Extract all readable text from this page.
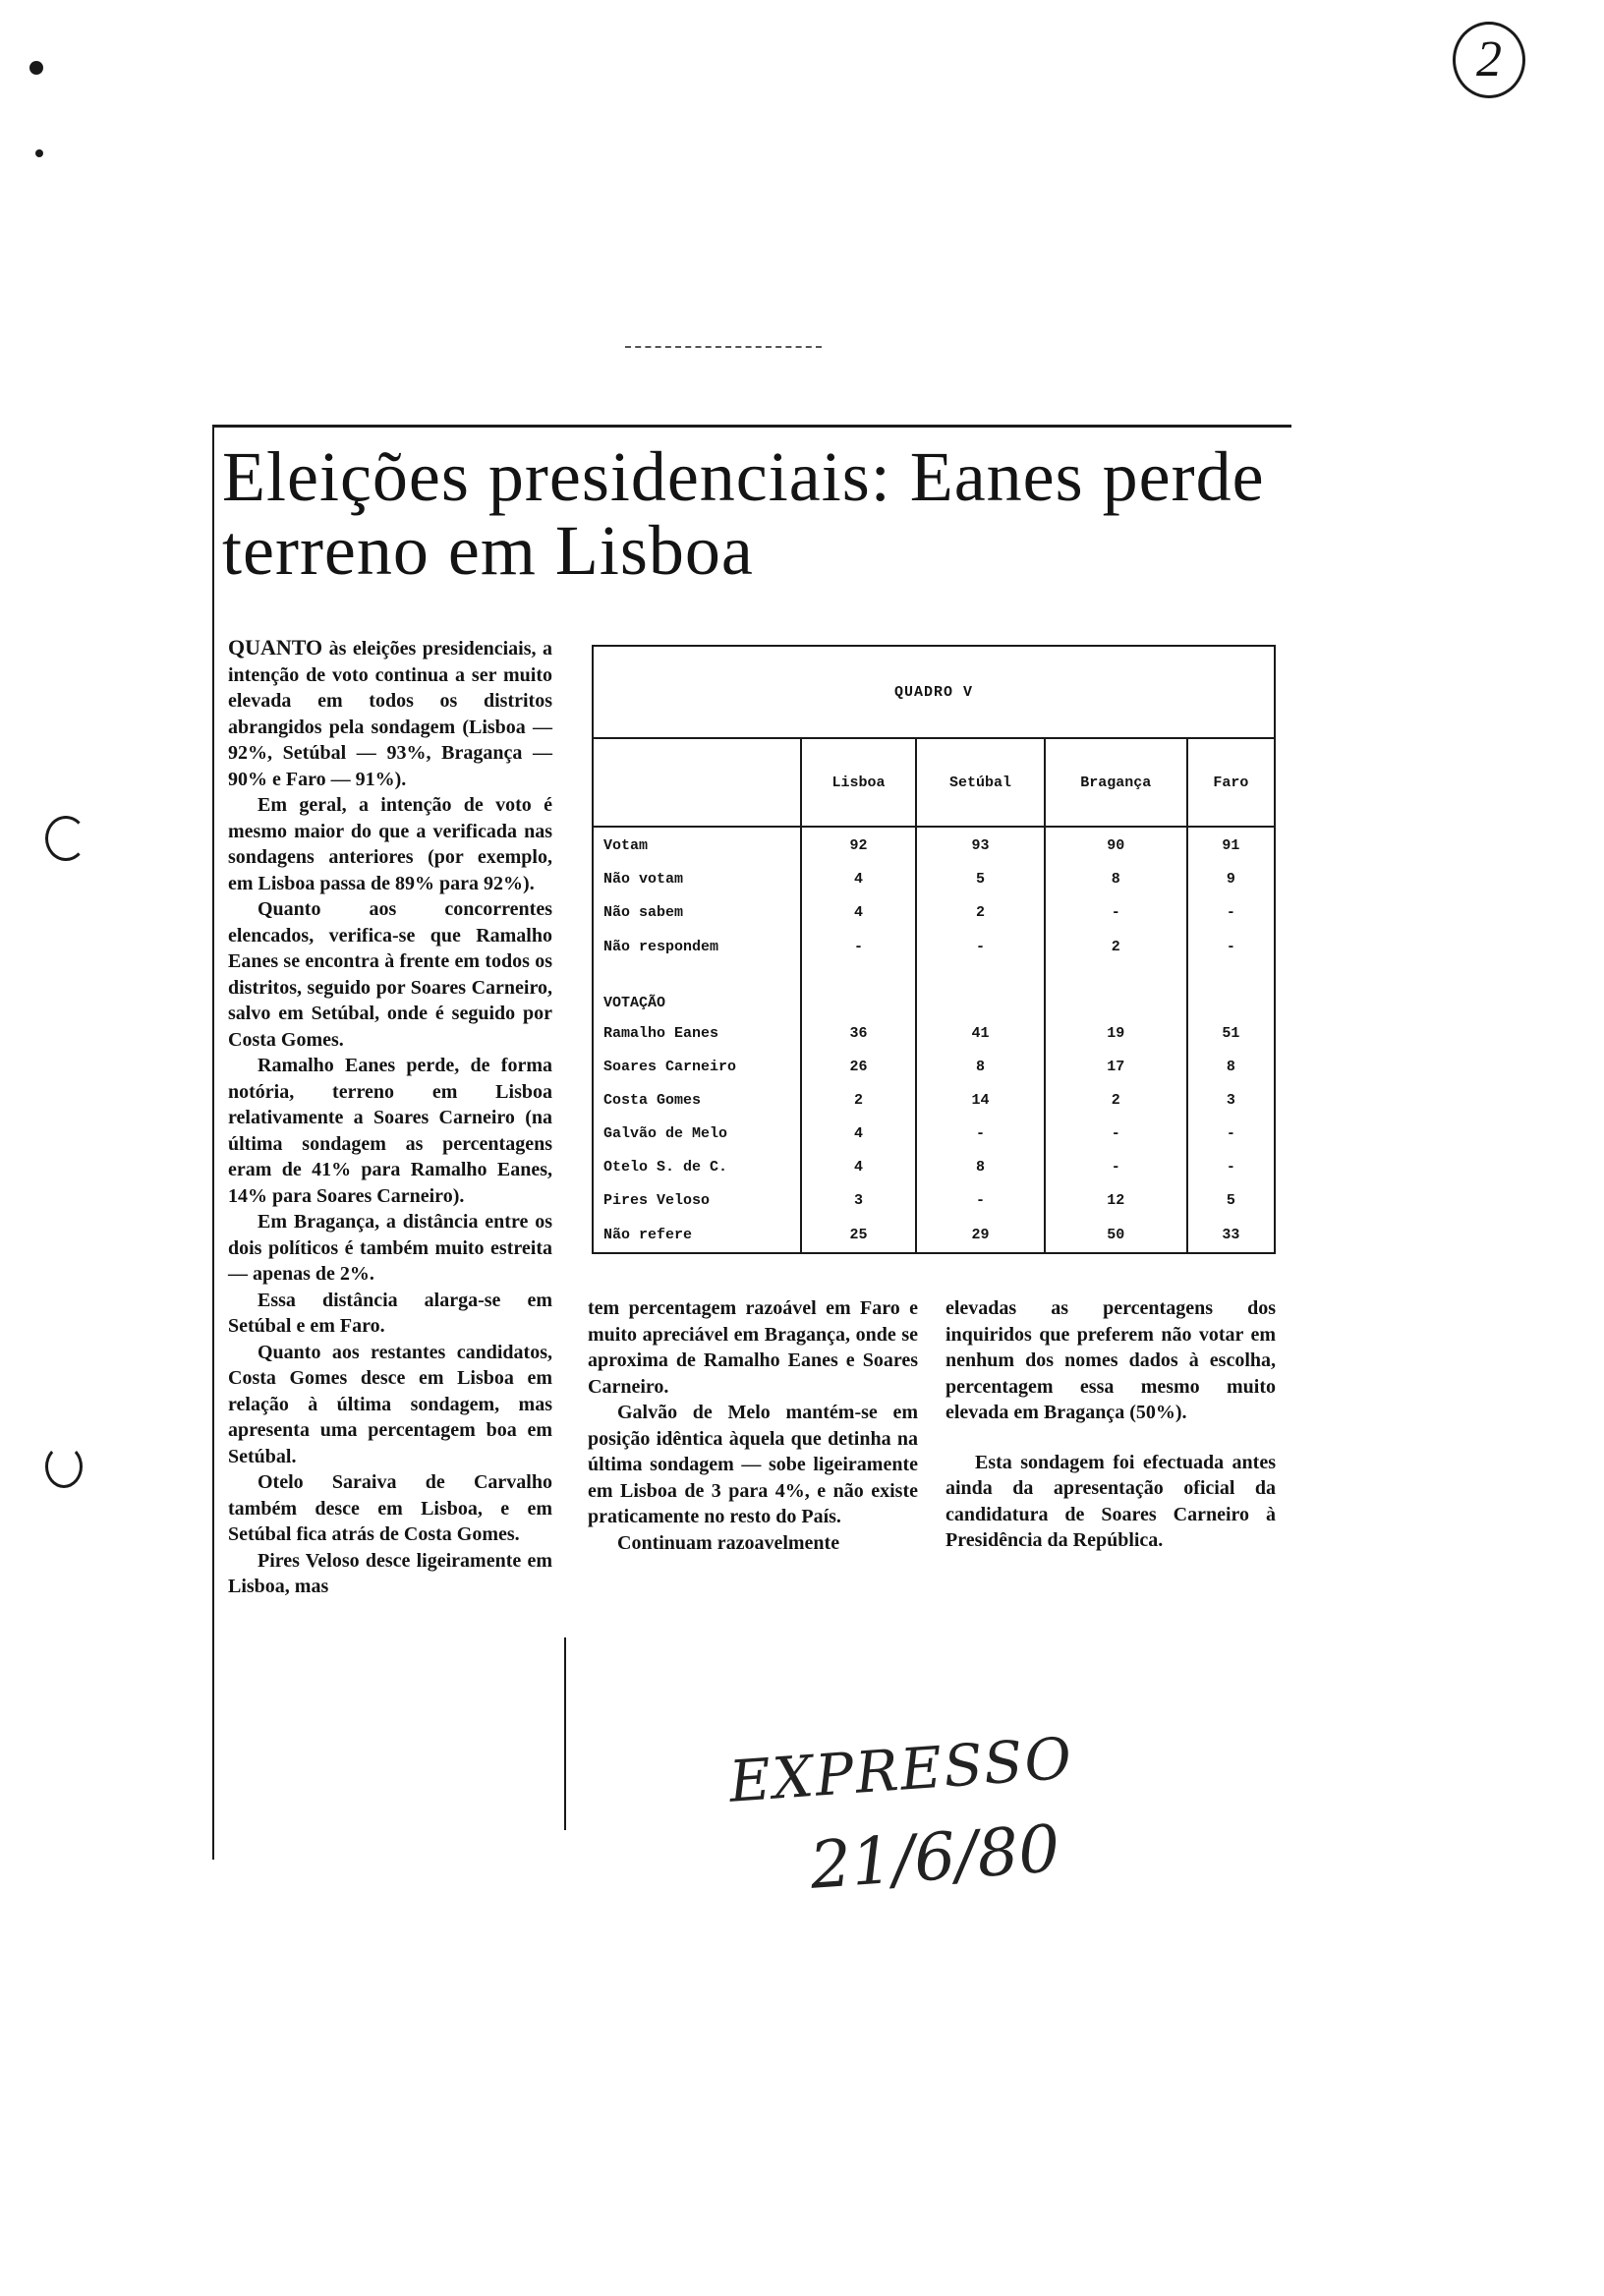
2
Eleições presidenciais: Eanes perde terreno em Lisboa

QUANTO às eleições presidenciais, a intenção de voto continua a ser muito elevada em todos os distritos abrangidos pela sondagem (Lisboa — 92%, Setúbal — 93%, Bragança — 90% e Faro — 91%).

Em geral, a intenção de voto é mesmo maior do que a verificada nas sondagens anteriores (por exemplo, em Lisboa passa de 89% para 92%).

Quanto aos concorrentes elencados, verifica-se que Ramalho Eanes se encontra à frente em todos os distritos, seguido por Soares Carneiro, salvo em Setúbal, onde é seguido por Costa Gomes.

Ramalho Eanes perde, de forma notória, terreno em Lisboa relativamente a Soares Carneiro (na última sondagem as percentagens eram de 41% para Ramalho Eanes, 14% para Soares Carneiro).

Em Bragança, a distância entre os dois políticos é também muito estreita — apenas de 2%.

Essa distância alarga-se em Setúbal e em Faro.

Quanto aos restantes candidatos, Costa Gomes desce em Lisboa em relação à última sondagem, mas apresenta uma percentagem boa em Setúbal.

Otelo Saraiva de Carvalho também desce em Lisboa, e em Setúbal fica atrás de Costa Gomes.

Pires Veloso desce ligeiramente em Lisboa, mas

QUADRO V				
	Lisboa	Setúbal	Bragança	Faro
Votam	92	93	90	91
Não votam	4	5	8	9
Não sabem	4	2	-	-
Não respondem	-	-	2	-
VOTAÇÃO				
Ramalho Eanes	36	41	19	51
Soares Carneiro	26	8	17	8
Costa Gomes	2	14	2	3
Galvão de Melo	4	-	-	-
Otelo S. de C.	4	8	-	-
Pires Veloso	3	-	12	5
Não refere	25	29	50	33

tem percentagem razoável em Faro e muito apreciável em Bragança, onde se aproxima de Ramalho Eanes e Soares Carneiro.

Galvão de Melo mantém-se em posição idêntica àquela que detinha na última sondagem — sobe ligeiramente em Lisboa de 3 para 4%, e não existe praticamente no resto do País.

Continuam razoavelmente

elevadas as percentagens dos inquiridos que preferem não votar em nenhum dos nomes dados à escolha, percentagem essa mesmo muito elevada em Bragança (50%).

Esta sondagem foi efectuada antes ainda da apresentação oficial da candidatura de Soares Carneiro à Presidência da República.

EXPRESSO
21/6/80
